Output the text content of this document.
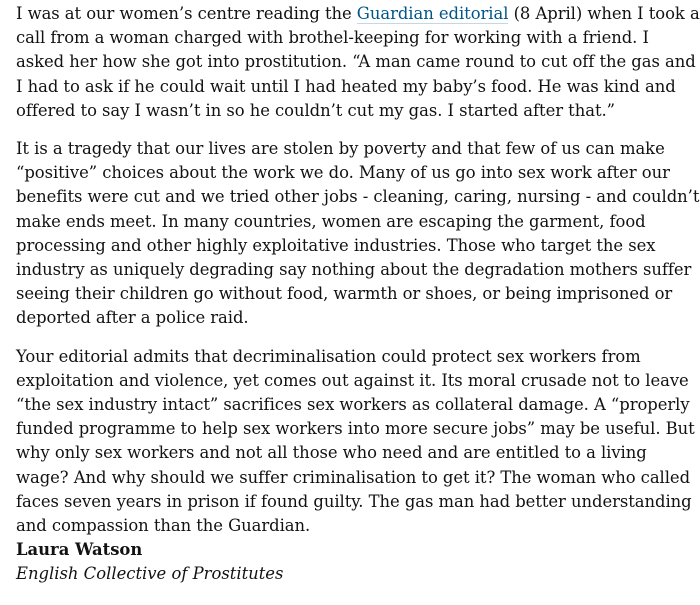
I was at our women’s centre reading the Guardian editorial (8 April) when I took a
call from a woman charged with brothel-keeping for working with a friend. I
asked her how she got into prostitution. “A man came round to cut off the gas and
I had to ask if he could wait until I had heated my baby’s food. He was kind and
offered to say I wasn’t in so he couldn’t cut my gas. I started after that.”

It is a tragedy that our lives are stolen by poverty and that few of us can make
“positive” choices about the work we do. Many of us go into sex work after our
benefits were cut and we tried other jobs - cleaning, caring, nursing - and couldn’t
make ends meet. In many countries, women are escaping the garment, food
processing and other highly exploitative industries. Those who target the sex
industry as uniquely degrading say nothing about the degradation mothers suffer
seeing their children go without food, warmth or shoes, or being imprisoned or
deported after a police raid.

Your editorial admits that decriminalisation could protect sex workers from
exploitation and violence, yet comes out against it. Its moral crusade not to leave
“the sex industry intact” sacrifices sex workers as collateral damage. A “properly
funded programme to help sex workers into more secure jobs” may be useful. But
why only sex workers and not all those who need and are entitled to a living
wage? And why should we suffer criminalisation to get it? The woman who called
faces seven years in prison if found guilty. The gas man had better understanding
and compassion than the Guardian.

Laura Watson
English Collective of Prostitutes
